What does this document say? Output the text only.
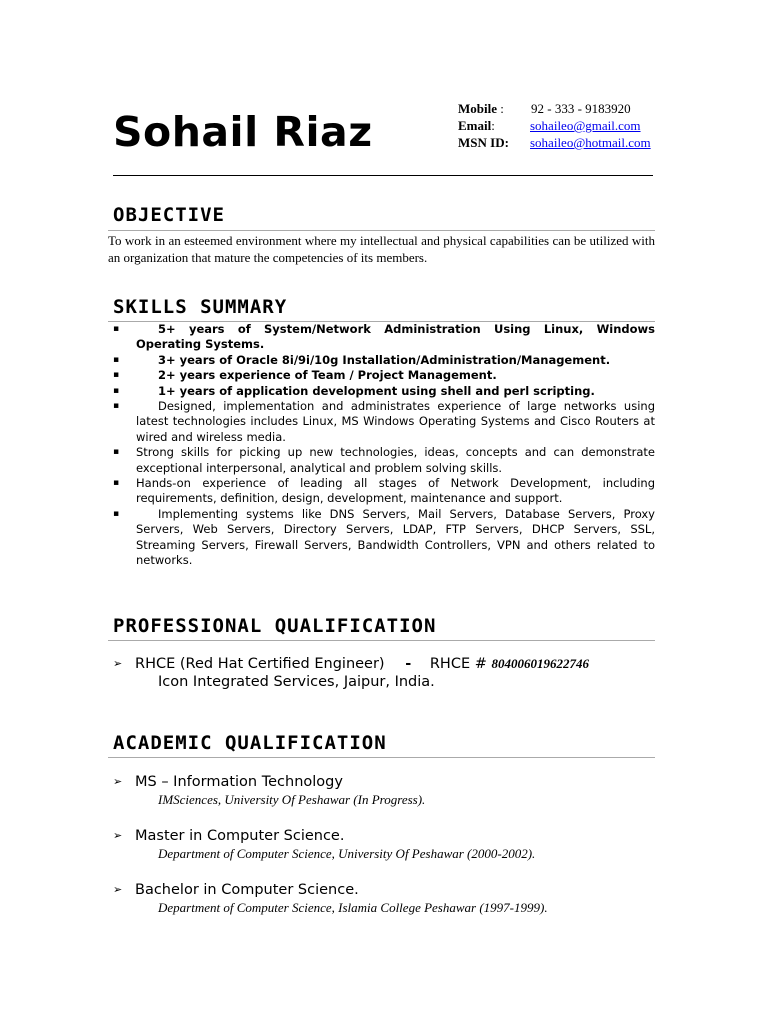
Sohail Riaz	Mobile : 92 - 333 - 9183920
Email:	sohaileo@gmail.com
MSN ID: sohaileo@hotmail.com
OBJECTIVE
To work in an esteemed environment where my intellectual and physical capabilities can be utilized with an organization that mature the competencies of its members.
SKILLS SUMMARY
▪	5+ years of System/Network Administration Using Linux, Windows Operating Systems.
▪	3+ years of Oracle 8i/9i/10g Installation/Administration/Management.
▪	2+ years experience of Team / Project Management.
▪	1+ years of application development using shell and perl scripting.
▪	Designed, implementation and administrates experience of large networks using latest technologies includes Linux, MS Windows Operating Systems and Cisco Routers at wired and wireless media.
▪ Strong skills for picking up new technologies, ideas, concepts and can demonstrate exceptional interpersonal, analytical and problem solving skills.
▪ Hands-on experience of leading all stages of Network Development, including requirements, definition, design, development, maintenance and support.
▪	Implementing systems like DNS Servers, Mail Servers, Database Servers, Proxy Servers, Web Servers, Directory Servers, LDAP, FTP Servers, DHCP Servers, SSL, Streaming Servers, Firewall Servers, Bandwidth Controllers, VPN and others related to networks.
PROFESSIONAL QUALIFICATION
➢ RHCE (Red Hat Certified Engineer) - RHCE # 804006019622746
Icon Integrated Services, Jaipur, India.
ACADEMIC QUALIFICATION
➢ MS – Information Technology
IMSciences, University Of Peshawar (In Progress).
➢ Master in Computer Science.
Department of Computer Science, University Of Peshawar (2000-2002).
➢ Bachelor in Computer Science.
Department of Computer Science, Islamia College Peshawar (1997-1999).
